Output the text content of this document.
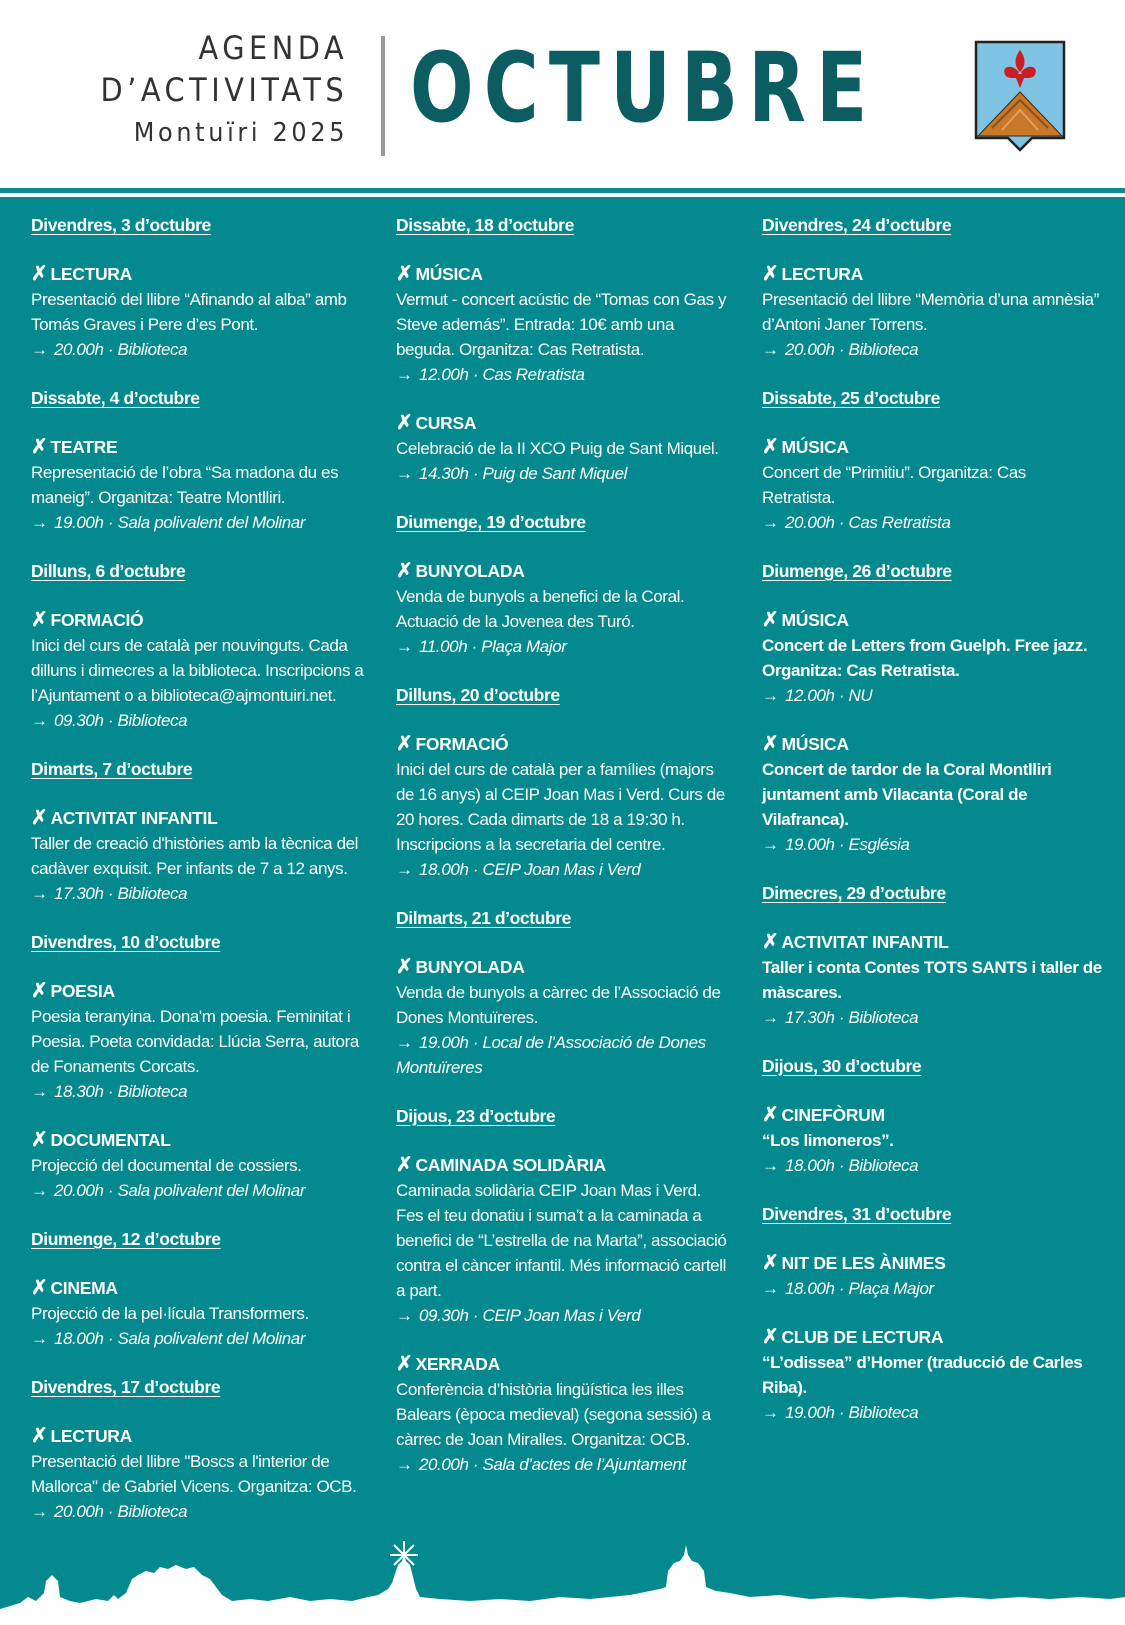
AGENDA
D’ACTIVITATS
Montuïri 2025 OCTUBRE
Divendres, 3 d’octubre
✗ LECTURA
Presentació del llibre “Afinando al alba” amb Tomás Graves i Pere d’es Pont.
→ 20.00h · Biblioteca
Dissabte, 4 d’octubre
✗ TEATRE
Representació de l’obra “Sa madona du es maneig”. Organitza: Teatre Montlliri.
→ 19.00h · Sala polivalent del Molinar
Dilluns, 6 d’octubre
✗ FORMACIÓ
Inici del curs de català per nouvinguts. Cada dilluns i dimecres a la biblioteca. Inscripcions a l’Ajuntament o a biblioteca@ajmontuiri.net.
→ 09.30h · Biblioteca
Dimarts, 7 d’octubre
✗ ACTIVITAT INFANTIL
Taller de creació d'històries amb la tècnica del cadàver exquisit. Per infants de 7 a 12 anys.
→ 17.30h · Biblioteca
Divendres, 10 d’octubre
✗ POESIA
Poesia teranyina. Dona'm poesia. Feminitat i Poesia. Poeta convidada: Llúcia Serra, autora de Fonaments Corcats.
→ 18.30h · Biblioteca
✗ DOCUMENTAL
Projecció del documental de cossiers.
→ 20.00h · Sala polivalent del Molinar
Diumenge, 12 d’octubre
✗ CINEMA
Projecció de la pel·lícula Transformers.
→ 18.00h · Sala polivalent del Molinar
Divendres, 17 d’octubre
✗ LECTURA
Presentació del llibre "Boscs a l'interior de Mallorca" de Gabriel Vicens. Organitza: OCB.
→ 20.00h · Biblioteca
Dissabte, 18 d’octubre
✗ MÚSICA
Vermut - concert acústic de “Tomas con Gas y Steve además”. Entrada: 10€ amb una beguda. Organitza: Cas Retratista.
→ 12.00h · Cas Retratista
✗ CURSA
Celebració de la II XCO Puig de Sant Miquel.
→ 14.30h · Puig de Sant Miquel
Diumenge, 19 d’octubre
✗ BUNYOLADA
Venda de bunyols a benefici de la Coral. Actuació de la Jovenea des Turó.
→ 11.00h · Plaça Major
Dilluns, 20 d’octubre
✗ FORMACIÓ
Inici del curs de català per a famílies (majors de 16 anys) al CEIP Joan Mas i Verd. Curs de 20 hores. Cada dimarts de 18 a 19:30 h. Inscripcions a la secretaria del centre.
→ 18.00h · CEIP Joan Mas i Verd
Dilmarts, 21 d’octubre
✗ BUNYOLADA
Venda de bunyols a càrrec de l’Associació de Dones Montuïreres.
→ 19.00h · Local de l’Associació de Dones Montuïreres
Dijous, 23 d’octubre
✗ CAMINADA SOLIDÀRIA
Caminada solidària CEIP Joan Mas i Verd. Fes el teu donatiu i suma't a la caminada a benefici de “L’estrella de na Marta”, associació contra el càncer infantil. Més informació cartell a part.
→ 09.30h · CEIP Joan Mas i Verd
✗ XERRADA
Conferència d’història lingüística les illes Balears (època medieval) (segona sessió) a càrrec de Joan Miralles. Organitza: OCB.
→ 20.00h · Sala d’actes de l’Ajuntament
Divendres, 24 d’octubre
✗ LECTURA
Presentació del llibre “Memòria d’una amnèsia” d’Antoni Janer Torrens.
→ 20.00h · Biblioteca
Dissabte, 25 d’octubre
✗ MÚSICA
Concert de “Primitiu”. Organitza: Cas Retratista.
→ 20.00h · Cas Retratista
Diumenge, 26 d’octubre
✗ MÚSICA
Concert de Letters from Guelph. Free jazz. Organitza: Cas Retratista.
→ 12.00h · NU
✗ MÚSICA
Concert de tardor de la Coral Montlliri juntament amb Vilacanta (Coral de Vilafranca).
→ 19.00h · Església
Dimecres, 29 d’octubre
✗ ACTIVITAT INFANTIL
Taller i conta Contes TOTS SANTS i taller de màscares.
→ 17.30h · Biblioteca
Dijous, 30 d’octubre
✗ CINEFÒRUM
“Los limoneros”.
→ 18.00h · Biblioteca
Divendres, 31 d’octubre
✗ NIT DE LES ÀNIMES
→ 18.00h · Plaça Major
✗ CLUB DE LECTURA
“L’odissea” d’Homer (traducció de Carles Riba).
→ 19.00h · Biblioteca
